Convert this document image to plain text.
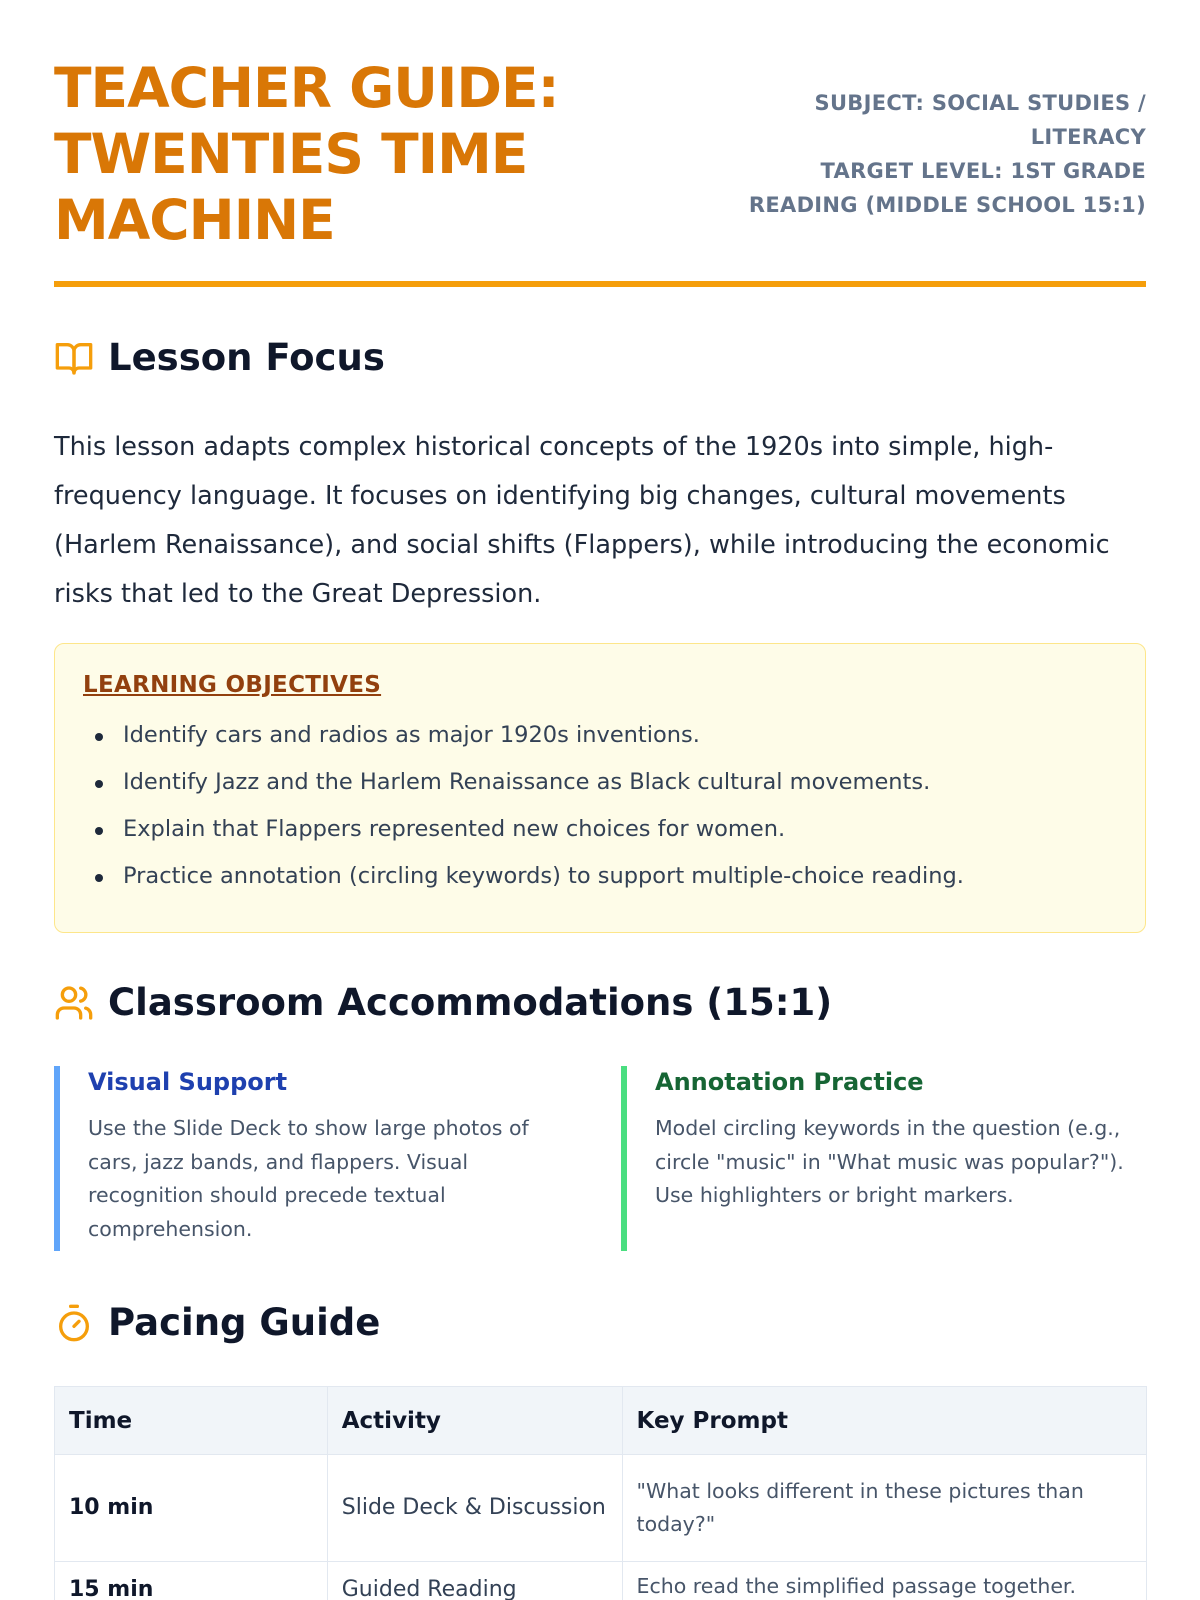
TEACHER GUIDE: TWENTIES TIME MACHINE
SUBJECT: SOCIAL STUDIES / LITERACY
TARGET LEVEL: 1ST GRADE READING (MIDDLE SCHOOL 15:1)
Lesson Focus

This lesson adapts complex historical concepts of the 1920s into simple, high-frequency language. It focuses on identifying big changes, cultural movements (Harlem Renaissance), and social shifts (Flappers), while introducing the economic risks that led to the Great Depression.

LEARNING OBJECTIVES
Identify cars and radios as major 1920s inventions.
Identify Jazz and the Harlem Renaissance as Black cultural movements.
Explain that Flappers represented new choices for women.
Practice annotation (circling keywords) to support multiple-choice reading.
Classroom Accommodations (15:1)
Visual Support
Use the Slide Deck to show large photos of cars, jazz bands, and flappers. Visual recognition should precede textual comprehension.
Annotation Practice
Model circling keywords in the question (e.g., circle "music" in "What music was popular?"). Use highlighters or bright markers.
Pacing Guide
Time	Activity	Key Prompt
10 min	Slide Deck & Discussion	"What looks different in these pictures than today?"
15 min	Guided Reading	Echo read the simplified passage together.
